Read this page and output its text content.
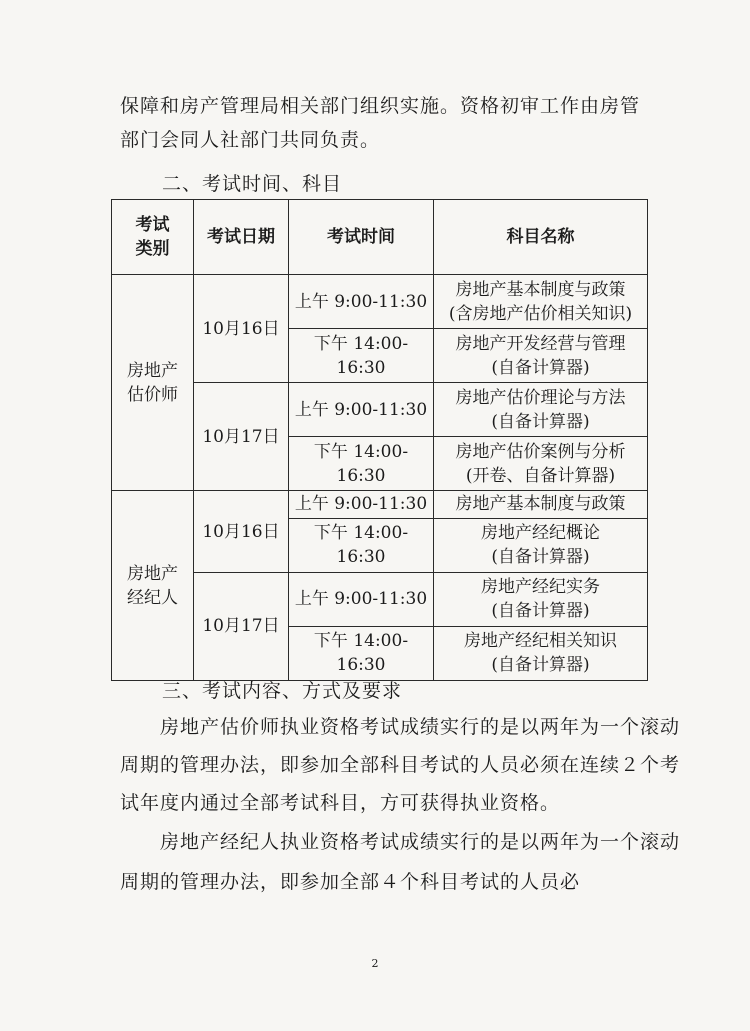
保障和房产管理局相关部门组织实施。资格初审工作由房管
部门会同人社部门共同负责。

二、考试时间、科目

考试
类别	考试日期	考试时间	科目名称
房地产
估价师	10月16日	上午 9:00-11:30	房地产基本制度与政策
(含房地产估价相关知识)
		下午 14:00-16:30	房地产开发经营与管理
(自备计算器)
	10月17日	上午 9:00-11:30	房地产估价理论与方法
(自备计算器)
		下午 14:00-16:30	房地产估价案例与分析
(开卷、自备计算器)
房地产
经纪人	10月16日	上午 9:00-11:30	房地产基本制度与政策
		下午 14:00-16:30	房地产经纪概论
(自备计算器)
	10月17日	上午 9:00-11:30	房地产经纪实务
(自备计算器)
		下午 14:00-16:30	房地产经纪相关知识
(自备计算器)

三、考试内容、方式及要求

房地产估价师执业资格考试成绩实行的是以两年为一个滚动周期的管理办法，即参加全部科目考试的人员必须在连续２个考试年度内通过全部考试科目，方可获得执业资格。

房地产经纪人执业资格考试成绩实行的是以两年为一个滚动周期的管理办法，即参加全部４个科目考试的人员必

2
